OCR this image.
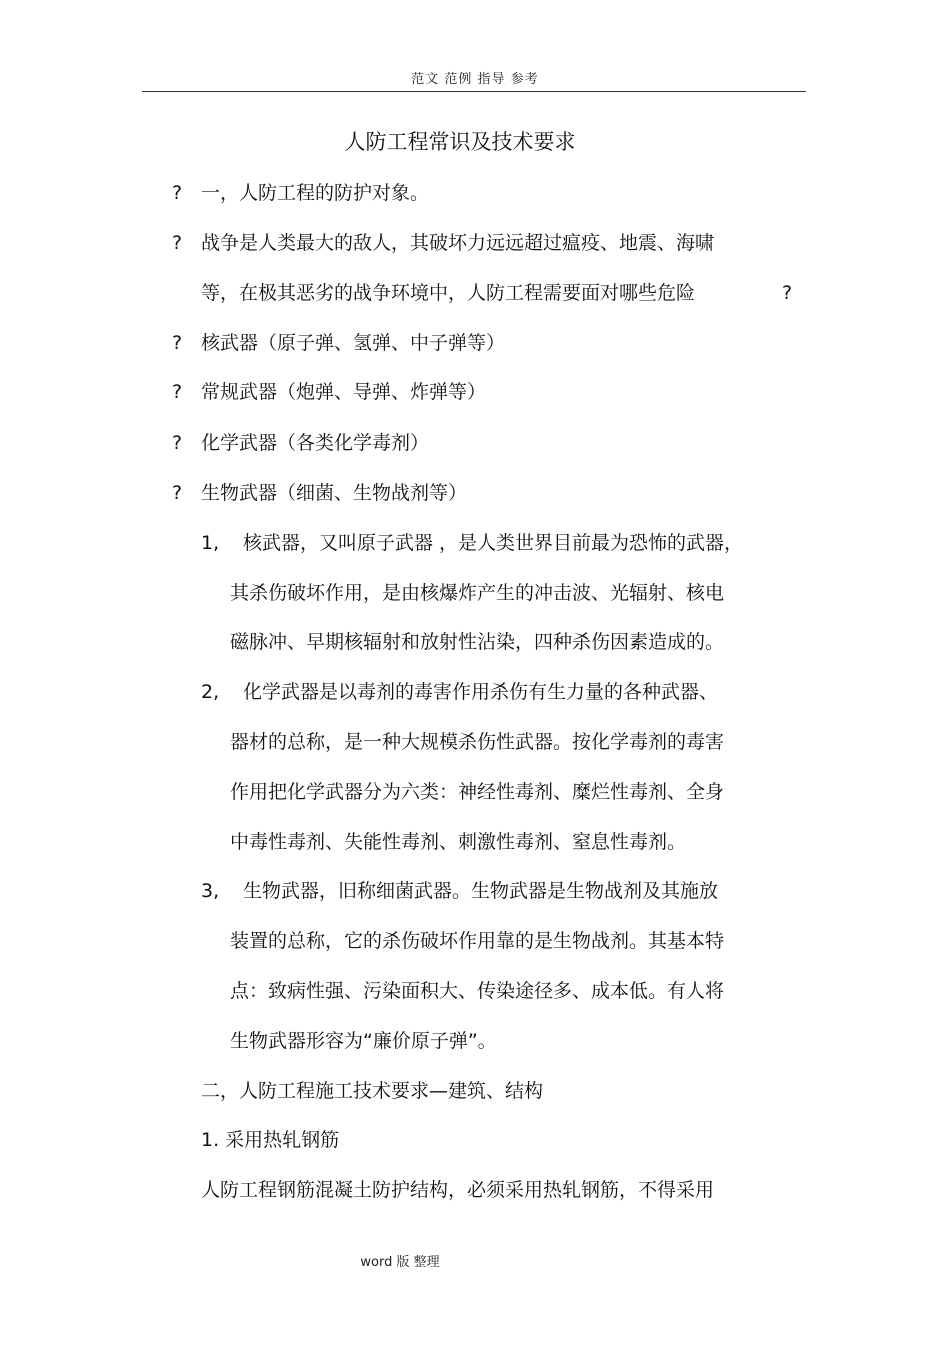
范文 范例 指导 参考
人防工程常识及技术要求
? 一，人防工程的防护对象。
? 战争是人类最大的敌人，其破坏力远远超过瘟疫、地震、海啸
等，在极其恶劣的战争环境中，人防工程需要面对哪些危险	?
? 核武器（原子弹、氢弹、中子弹等）
? 常规武器（炮弹、导弹、炸弹等）
? 化学武器（各类化学毒剂）
? 生物武器（细菌、生物战剂等）
1, 核武器，又叫原子武器 ，是人类世界目前最为恐怖的武器，
其杀伤破坏作用，是由核爆炸产生的冲击波、光辐射、核电
磁脉冲、早期核辐射和放射性沾染，四种杀伤因素造成的。
2, 化学武器是以毒剂的毒害作用杀伤有生力量的各种武器、
器材的总称，是一种大规模杀伤性武器。按化学毒剂的毒害
作用把化学武器分为六类：神经性毒剂、糜烂性毒剂、全身
中毒性毒剂、失能性毒剂、刺激性毒剂、窒息性毒剂。
3, 生物武器，旧称细菌武器。生物武器是生物战剂及其施放
装置的总称，它的杀伤破坏作用靠的是生物战剂。其基本特
点：致病性强、污染面积大、传染途径多、成本低。有人将
生物武器形容为“廉价原子弹”。
二，人防工程施工技术要求—建筑、结构
1. 采用热轧钢筋
人防工程钢筋混凝土防护结构，必须采用热轧钢筋，不得采用
word 版 整理
